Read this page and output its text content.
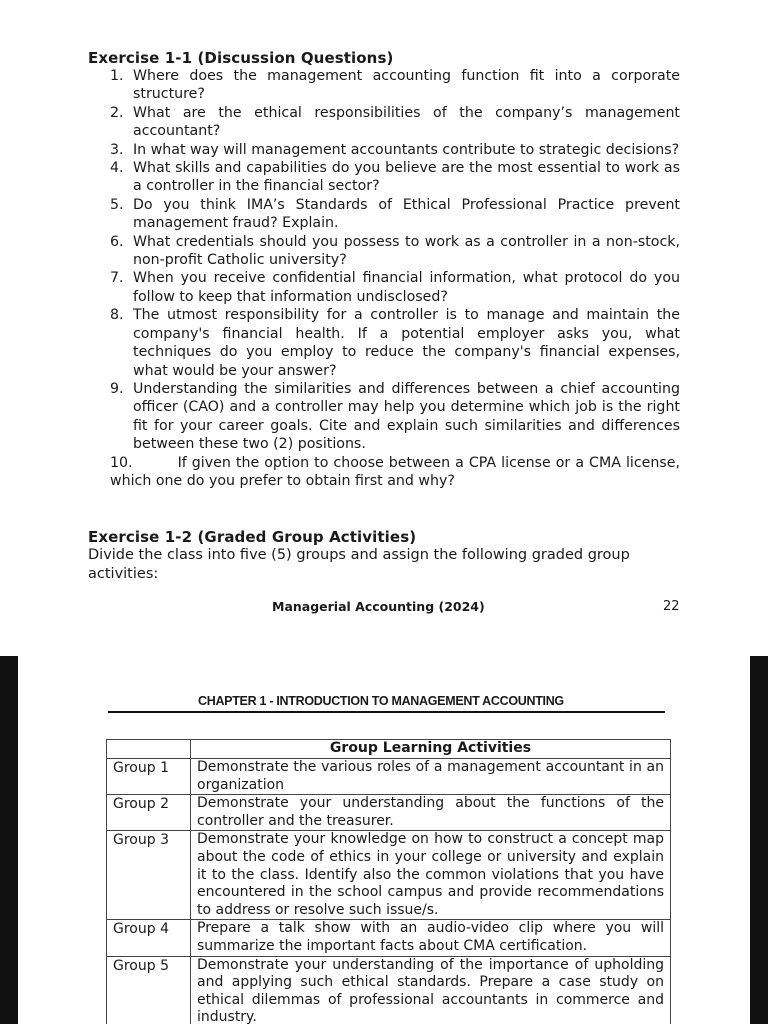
Exercise 1-1 (Discussion Questions)
1. Where does the management accounting function fit into a corporate structure?
2. What are the ethical responsibilities of the company’s management accountant?
3. In what way will management accountants contribute to strategic decisions?
4. What skills and capabilities do you believe are the most essential to work as a controller in the financial sector?
5. Do you think IMA’s Standards of Ethical Professional Practice prevent management fraud? Explain.
6. What credentials should you possess to work as a controller in a non-stock, non-profit Catholic university?
7. When you receive confidential financial information, what protocol do you follow to keep that information undisclosed?
8. The utmost responsibility for a controller is to manage and maintain the company's financial health. If a potential employer asks you, what techniques do you employ to reduce the company's financial expenses, what would be your answer?
9. Understanding the similarities and differences between a chief accounting officer (CAO) and a controller may help you determine which job is the right fit for your career goals. Cite and explain such similarities and differences between these two (2) positions.
10.	If given the option to choose between a CPA license or a CMA license, which one do you prefer to obtain first and why?
Exercise 1-2 (Graded Group Activities)
Divide the class into five (5) groups and assign the following graded group activities:
Managerial Accounting (2024)	22
CHAPTER 1 - INTRODUCTION TO MANAGEMENT ACCOUNTING
	Group Learning Activities
Group 1	Demonstrate the various roles of a management accountant in an organization
Group 2	Demonstrate your understanding about the functions of the controller and the treasurer.
Group 3	Demonstrate your knowledge on how to construct a concept map about the code of ethics in your college or university and explain it to the class. Identify also the common violations that you have encountered in the school campus and provide recommendations to address or resolve such issue/s.
Group 4	Prepare a talk show with an audio-video clip where you will summarize the important facts about CMA certification.
Group 5	Demonstrate your understanding of the importance of upholding and applying such ethical standards. Prepare a case study on ethical dilemmas of professional accountants in commerce and industry.
